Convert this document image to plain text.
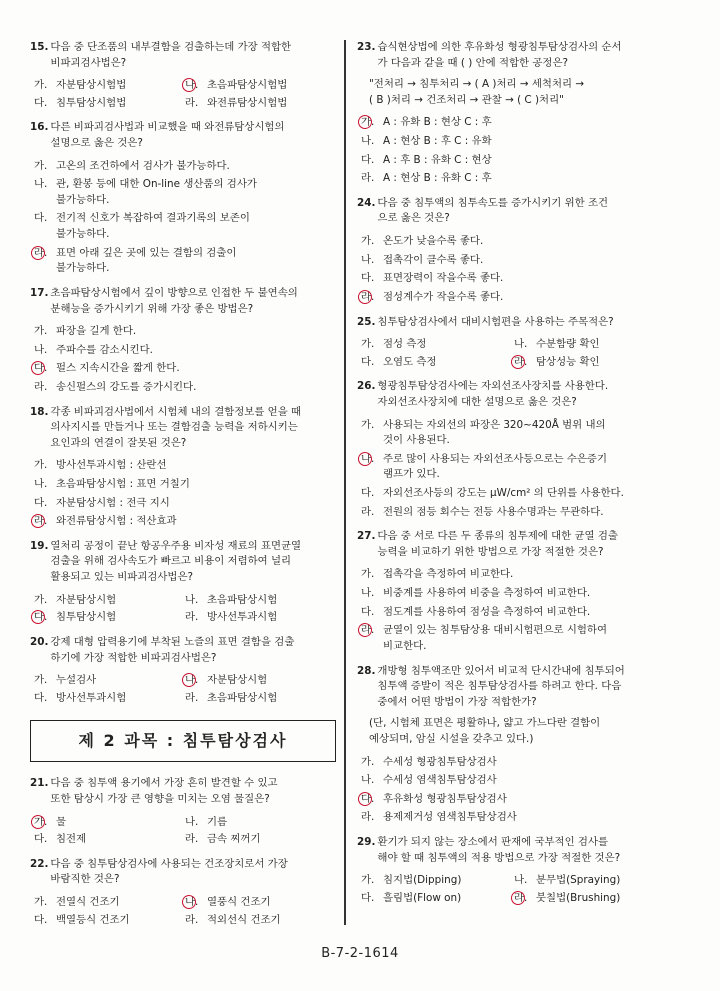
15. 다음 중 단조품의 내부결함을 검출하는데 가장 적합한
비파괴검사법은?
가. 자분탐상시험법	나. 초음파탐상시험법
다. 침투탐상시험법	라. 와전류탐상시험법
16. 다른 비파괴검사법과 비교했을 때 와전류탐상시험의
설명으로 옳은 것은?
가. 고온의 조건하에서 검사가 불가능하다.
나. 관, 환봉 등에 대한 On-line 생산품의 검사가
불가능하다.
다. 전기적 신호가 복잡하여 결과기록의 보존이
불가능하다.
라. 표면 아래 깊은 곳에 있는 결함의 검출이
불가능하다.
17. 초음파탐상시험에서 깊이 방향으로 인접한 두 불연속의
분해능을 증가시키기 위해 가장 좋은 방법은?
가. 파장을 길게 한다.
나. 주파수를 감소시킨다.
다. 펄스 지속시간을 짧게 한다.
라. 송신펄스의 강도를 증가시킨다.
18. 각종 비파괴검사법에서 시험체 내의 결함정보를 얻을 때
의사지시를 만들거나 또는 결함검출 능력을 저하시키는
요인과의 연결이 잘못된 것은?
가. 방사선투과시험 : 산란선
나. 초음파탐상시험 : 표면 거칠기
다. 자분탐상시험 : 전극 지시
라. 와전류탐상시험 : 적산효과
19. 열처리 공정이 끝난 항공우주용 비자성 재료의 표면균열
검출을 위해 검사속도가 빠르고 비용이 저렴하여 널리
활용되고 있는 비파괴검사법은?
가. 자분탐상시험	나. 초음파탐상시험
다. 침투탐상시험	라. 방사선투과시험
20. 강제 대형 압력용기에 부착된 노즐의 표면 결함을 검출
하기에 가장 적합한 비파괴검사법은?
가. 누설검사	나. 자분탐상시험
다. 방사선투과시험	라. 초음파탐상시험
제 2 과목 : 침투탐상검사
21. 다음 중 침투액 용기에서 가장 흔히 발견할 수 있고
또한 탐상시 가장 큰 영향을 미치는 오염 물질은?
가. 물	나. 기름
다. 침전제	라. 금속 찌꺼기
22. 다음 중 침투탐상검사에 사용되는 건조장치로서 가장
바람직한 것은?
가. 전열식 건조기	나. 열풍식 건조기
다. 백열등식 건조기	라. 적외선식 건조기
23. 습식현상법에 의한 후유화성 형광침투탐상검사의 순서
가 다음과 같을 때 ( ) 안에 적합한 공정은?
"전처리 → 침투처리 → ( A )처리 → 세척처리 →
( B )처리 → 건조처리 → 관찰 → ( C )처리"
가. A : 유화 B : 현상 C : 후
나. A : 현상 B : 후 C : 유화
다. A : 후 B : 유화 C : 현상
라. A : 현상 B : 유화 C : 후
24. 다음 중 침투액의 침투속도를 증가시키기 위한 조건
으로 옳은 것은?
가. 온도가 낮을수록 좋다.
나. 접촉각이 클수록 좋다.
다. 표면장력이 작을수록 좋다.
라. 점성계수가 작을수록 좋다.
25. 침투탐상검사에서 대비시험편을 사용하는 주목적은?
가. 점성 측정	나. 수분함량 확인
다. 오염도 측정	라. 탐상성능 확인
26. 형광침투탐상검사에는 자외선조사장치를 사용한다.
자외선조사장치에 대한 설명으로 옳은 것은?
가. 사용되는 자외선의 파장은 320~420Å 범위 내의
것이 사용된다.
나. 주로 많이 사용되는 자외선조사등으로는 수은증기
램프가 있다.
다. 자외선조사등의 강도는 μW/cm² 의 단위를 사용한다.
라. 전원의 점등 회수는 전등 사용수명과는 무관하다.
27. 다음 중 서로 다른 두 종류의 침투제에 대한 균열 검출
능력을 비교하기 위한 방법으로 가장 적절한 것은?
가. 접촉각을 측정하여 비교한다.
나. 비중계를 사용하여 비중을 측정하여 비교한다.
다. 점도계를 사용하여 점성을 측정하여 비교한다.
라. 균열이 있는 침투탐상용 대비시험편으로 시험하여
비교한다.
28. 개방형 침투액조만 있어서 비교적 단시간내에 침투되어
침투액 증발이 적은 침투탐상검사를 하려고 한다. 다음
중에서 어떤 방법이 가장 적합한가?
(단, 시험체 표면은 평활하나, 얇고 가느다란 결함이
예상되며, 암실 시설을 갖추고 있다.)
가. 수세성 형광침투탐상검사
나. 수세성 염색침투탐상검사
다. 후유화성 형광침투탐상검사
라. 용제제거성 염색침투탐상검사
29. 환기가 되지 않는 장소에서 판재에 국부적인 검사를
해야 할 때 침투액의 적용 방법으로 가장 적절한 것은?
가. 침지법(Dipping)	나. 분무법(Spraying)
다. 흘림법(Flow on)	라. 붓칠법(Brushing)
B-7-2-1614
